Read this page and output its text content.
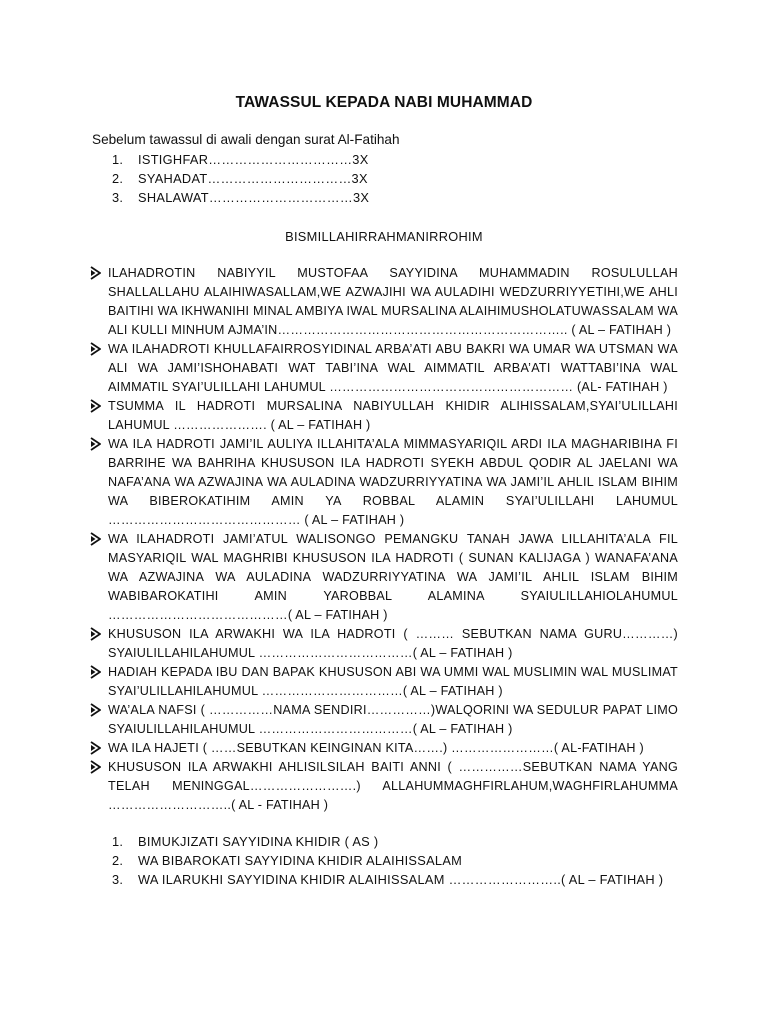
TAWASSUL KEPADA NABI MUHAMMAD
Sebelum tawassul di awali dengan surat Al-Fatihah
1. ISTIGHFAR……………………………3X
2. SYAHADAT……………………………3X
3. SHALAWAT……………………………3X
BISMILLAHIRRAHMANIRROHIM
ILAHADROTIN NABIYYIL MUSTOFAA SAYYIDINA MUHAMMADIN ROSULULLAH SHALLALLAHU ALAIHIWASALLAM,WE AZWAJIHI WA AULADIHI WEDZURRIYYETIHI,WE AHLI BAITIHI WA IKHWANIHI MINAL AMBIYA IWAL MURSALINA ALAIHIMUSHOLATUWASSALAM WA ALI KULLI MINHUM AJMA’IN………………………………………………………….. ( AL – FATIHAH )
WA ILAHADROTI KHULLAFAIRROSYIDINAL ARBA’ATI ABU BAKRI WA UMAR WA UTSMAN WA ALI WA JAMI’ISHOHABATI WAT TABI’INA WAL AIMMATIL ARBA’ATI WATTABI’INA WAL AIMMATIL SYAI’ULILLAHI LAHUMUL ………………………………………………… (AL- FATIHAH )
TSUMMA IL HADROTI MURSALINA NABIYULLAH KHIDIR ALIHISSALAM,SYAI’ULILLAHI LAHUMUL …………………. ( AL – FATIHAH )
WA ILA HADROTI JAMI’IL AULIYA ILLAHITA’ALA MIMMASYARIQIL ARDI ILA MAGHARIBIHA FI BARRIHE WA BAHRIHA KHUSUSON ILA HADROTI SYEKH ABDUL QODIR AL JAELANI WA NAFA’ANA WA AZWAJINA WA AULADINA WADZURRIYYATINA WA JAMI’IL AHLIL ISLAM BIHIM WA BIBEROKATIHIM AMIN YA ROBBAL ALAMIN SYAI’ULILLAHI LAHUMUL ……………………………………… ( AL – FATIHAH )
WA ILAHADROTI JAMI’ATUL WALISONGO PEMANGKU TANAH JAWA LILLAHITA’ALA FIL MASYARIQIL WAL MAGHRIBI KHUSUSON ILA HADROTI ( SUNAN KALIJAGA ) WANAFA’ANA WA AZWAJINA WA AULADINA WADZURRIYYATINA WA JAMI’IL AHLIL ISLAM BIHIM WABIBAROKATIHI AMIN YAROBBAL ALAMINA SYAIULILLAHIOLAHUMUL ……………………………………( AL – FATIHAH )
KHUSUSON ILA ARWAKHI WA ILA HADROTI ( ……… SEBUTKAN NAMA GURU…………) SYAIULILLAHILAHUMUL ………………………………( AL – FATIHAH )
HADIAH KEPADA IBU DAN BAPAK KHUSUSON ABI WA UMMI WAL MUSLIMIN WAL MUSLIMAT SYAI’ULILLAHILAHUMUL ……………………………( AL – FATIHAH )
WA’ALA NAFSI ( ……………NAMA SENDIRI……………)WALQORINI WA SEDULUR PAPAT LIMO SYAIULILLAHILAHUMUL ………………………………( AL – FATIHAH )
WA ILA HAJETI ( ……SEBUTKAN KEINGINAN KITA…….) ……………………( AL-FATIHAH )
KHUSUSON ILA ARWAKHI AHLISILSILAH BAITI ANNI ( ……………SEBUTKAN NAMA YANG TELAH MENINGGAL…………………….) ALLAHUMMAGHFIRLAHUM,WAGHFIRLAHUMMA ………………………..( AL - FATIHAH )
1. BIMUKJIZATI SAYYIDINA KHIDIR ( AS )
2. WA BIBAROKATI SAYYIDINA KHIDIR ALAIHISSALAM
3. WA ILARUKHI SAYYIDINA KHIDIR ALAIHISSALAM ……………………..( AL – FATIHAH )
